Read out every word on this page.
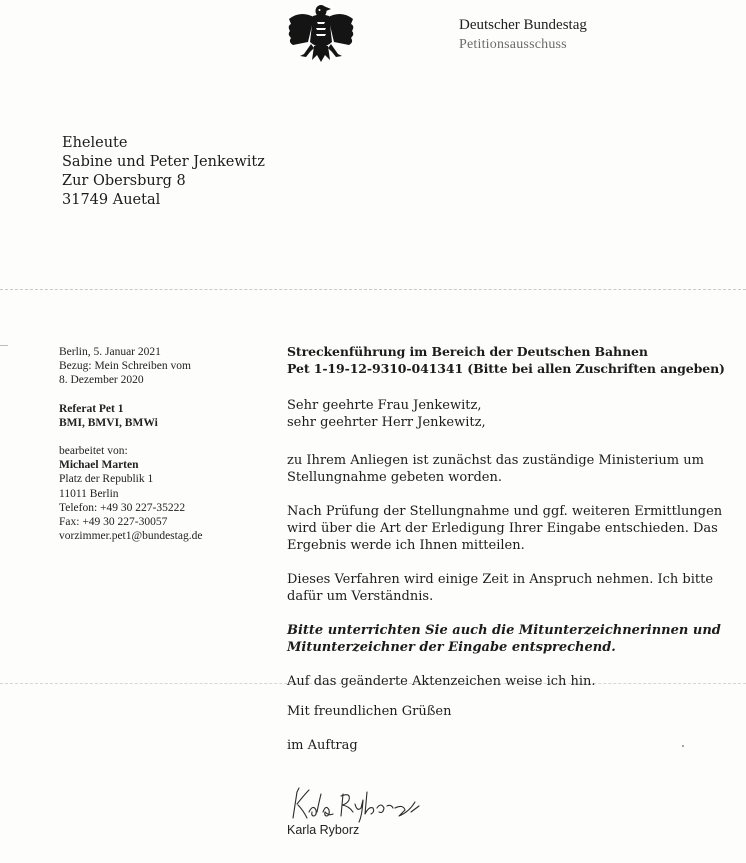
Deutscher Bundestag
Petitionsausschuss
Eheleute
Sabine und Peter Jenkewitz
Zur Obersburg 8
31749 Auetal
Berlin, 5. Januar 2021
Bezug: Mein Schreiben vom
8. Dezember 2020
Referat Pet 1
BMI, BMVI, BMWi
bearbeitet von:
Michael Marten
Platz der Republik 1
11011 Berlin
Telefon: +49 30 227-35222
Fax: +49 30 227-30057
vorzimmer.pet1@bundestag.de

Streckenführung im Bereich der Deutschen Bahnen

Pet 1-19-12-9310-041341 (Bitte bei allen Zuschriften angeben)

Sehr geehrte Frau Jenkewitz,

sehr geehrter Herr Jenkewitz,

zu Ihrem Anliegen ist zunächst das zuständige Ministerium um Stellungnahme gebeten worden.

Nach Prüfung der Stellungnahme und ggf. weiteren Ermittlungen wird über die Art der Erledigung Ihrer Eingabe entschieden. Das Ergebnis werde ich Ihnen mitteilen.

Dieses Verfahren wird einige Zeit in Anspruch nehmen. Ich bitte dafür um Verständnis.

Bitte unterrichten Sie auch die Mitunterzeichnerinnen und Mitunterzeichner der Eingabe entsprechend.

Auf das geänderte Aktenzeichen weise ich hin.

Mit freundlichen Grüßen

im Auftrag

Karla Ryborz
